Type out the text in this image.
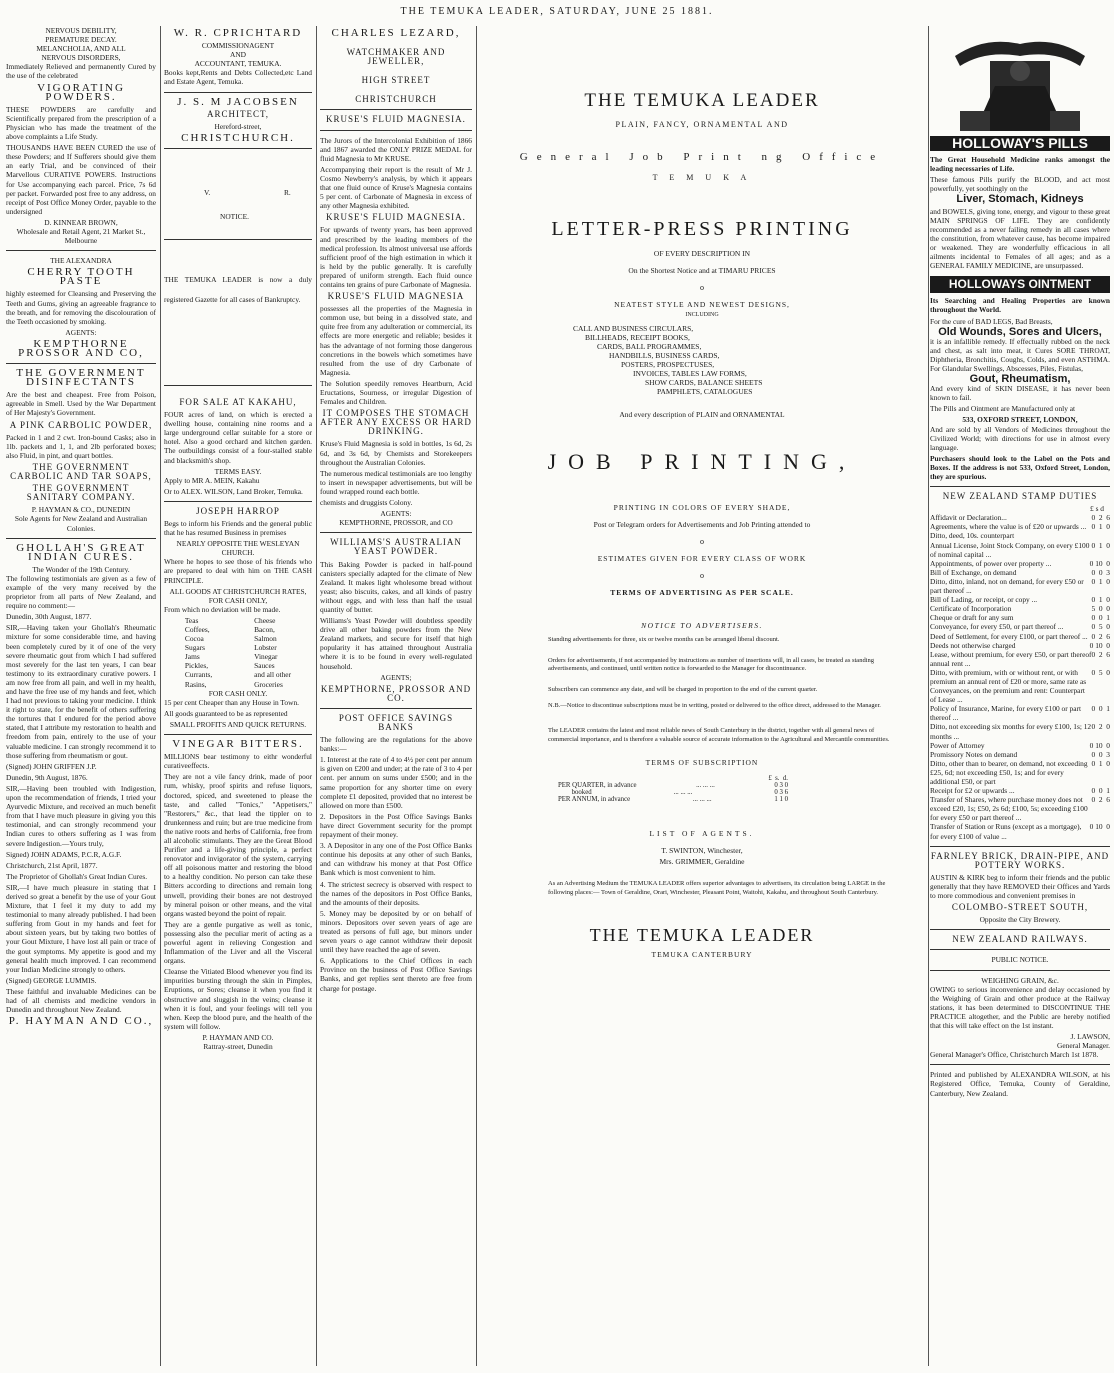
THE TEMUKA LEADER, SATURDAY, JUNE 25 1881.
NERVOUS DEBILITY,
PREMATURE DECAY.
MELANCHOLIA, AND ALL
NERVOUS DISORDERS,

Immediately Relieved and permanently Cured by the use of the celebrated

VIGORATING POWDERS.

THESE POWDERS are carefully and Scientifically prepared from the prescription of a Physician who has made the treatment of the above complaints a Life Study.

THOUSANDS HAVE BEEN CURED the use of these Powders; and If Sufferers should give them an early Trial, and be convinced of their Marvellous CURATIVE POWERS. Instructions for Use accompanying each parcel. Price, 7s 6d per packet. Forwarded post free to any address, on receipt of Post Office Money Order, payable to the undersigned

D. KINNEAR BROWN,
Wholesale and Retail Agent, 21 Market St., Melbourne
THE ALEXANDRA
CHERRY TOOTH PASTE

highly esteemed for Cleansing and Preserving the Teeth and Gums, giving an agreeable fragrance to the breath, and for removing the discolouration of the Teeth occasioned by smoking.

AGENTS:
KEMPTHORNE PROSSOR AND CO,
THE GOVERNMENT DISINFECTANTS

Are the best and cheapest. Free from Poison, agreeable in Smell. Used by the War Department of Her Majesty's Government.

A PINK CARBOLIC POWDER,

Packed in 1 and 2 cwt. Iron-bound Casks; also in 1lb. packets and 1, 1, and 2lb perforated boxes; also Fluid, in pint, and quart bottles.

THE GOVERNMENT CARBOLIC AND TAR SOAPS,
THE GOVERNMENT SANITARY COMPANY.
P. HAYMAN & CO., DUNEDIN
Sole Agents for New Zealand and Australian Colonies.
GHOLLAH'S GREAT INDIAN CURES.
The Wonder of the 19th Century.

The following testimonials are given as a few of example of the very many received by the proprietor from all parts of New Zealand, and require no comment:—

Dunedin, 30th August, 1877.

SIR,—Having taken your Ghollah's Rheumatic mixture for some considerable time, and having been completely cured by it of one of the very severe rheumatic gout from which I had suffered most severely for the last ten years, I can bear testimony to its extraordinary curative powers. I am now free from all pain, and well in my health, and have the free use of my hands and feet, which I had not previous to taking your medicine. I think it right to state, for the benefit of others suffering the tortures that I endured for the period above stated, that I attribute my restoration to health and freedom from pain, entirely to the use of your valuable medicine. I can strongly recommend it to those suffering from rheumatism or gout.

(Signed) JOHN GRIFFEN J.P.

Dunedin, 9th August, 1876.

SIR,—Having been troubled with Indigestion, upon the recommendation of friends, I tried your Ayurvedic Mixture, and received an much benefit from that I have much pleasure in giving you this testimonial, and can strongly recommend your Indian cures to others suffering as I was from severe Indigestion.—Yours truly,

Signed) JOHN ADAMS, P.C.R, A.G.F.

Christchurch, 21st April, 1877.

The Proprietor of Ghollah's Great Indian Cures.

SIR,—I have much pleasure in stating that I derived so great a benefit by the use of your Gout Mixture, that I feel it my duty to add my testimonial to many already published. I had been suffering from Gout in my hands and feet for about sixteen years, but by taking two bottles of your Gout Mixture, I have lost all pain or trace of the gout symptoms. My appetite is good and my general health much improved. I can recommend your Indian Medicine strongly to others.

(Signed) GEORGE LUMMIS.

These faithful and invaluable Medicines can be had of all chemists and medicine vendors in Dunedin and throughout New Zealand.

P. HAYMAN AND CO.,
W. R. CPRICHTARD
COMMISSIONAGENT
AND
ACCOUNTANT, TEMUKA.

Books kept,Rents and Debts Collected,etc Land and Estate Agent, Temuka.

J. S. M JACOBSEN
ARCHITECT,
Hereford-street,
CHRISTCHURCH.
V.	R.
NOTICE.

THE TEMUKA LEADER is now a duly registered Gazette for all cases of Bankruptcy.

FOR SALE AT KAKAHU,

FOUR acres of land, on which is erected a dwelling house, containing nine rooms and a large underground cellar suitable for a store or hotel. Also a good orchard and kitchen garden. The outbuildings consist of a four-stalled stable and blacksmith's shop.

TERMS EASY.

Apply to MR A. MEIN, Kakahu

Or to ALEX. WILSON, Land Broker, Temuka.

JOSEPH HARROP

Begs to inform his Friends and the general public that he has resumed Business in premises

NEARLY OPPOSITE THE WESLEYAN CHURCH.

Where he hopes to see those of his friends who are prepared to deal with him on THE CASH PRINCIPLE.

ALL GOODS AT CHRISTCHURCH RATES, FOR CASH ONLY,

From which no deviation will be made.

Teas
Coffees,
Cocoa
Sugars
Jams
Pickles,
Currants,
Rasins,
Cheese
Bacon,
Salmon
Lobster
Vinegar
Sauces
and all other
Groceries
FOR CASH ONLY.

15 per cent Cheaper than any House in Town.

All goods guaranteed to be as represented

SMALL PROFITS AND QUICK RETURNS.
VINEGAR BITTERS.

MILLIONS bear testimony to eithr wonderful curativeeffects.

They are not a vile fancy drink, made of poor rum, whisky, proof spirits and refuse liquors, doctored, spiced, and sweetened to please the taste, and called "Tonics," "Appetisers," "Restorers," &c., that lead the tippler on to drunkenness and ruin; but are true medicine from the native roots and herbs of California, free from all alcoholic stimulants. They are the Great Blood Purifier and a life-giving principle, a perfect renovator and invigorator of the system, carrying off all poisonous matter and restoring the blood to a healthy condition. No person can take these Bitters according to directions and remain long unwell, providing their bones are not destroyed by mineral poison or other means, and the vital organs wasted beyond the point of repair.

They are a gentle purgative as well as tonic, possessing also the peculiar merit of acting as a powerful agent in relieving Congestion and Inflammation of the Liver and all the Visceral organs.

Cleanse the Vitiated Blood whenever you find its impurities bursting through the skin in Pimples, Eruptions, or Sores; cleanse it when you find it obstructive and sluggish in the veins; cleanse it when it is foul, and your feelings will tell you when. Keep the blood pure, and the health of the system will follow.

P. HAYMAN AND CO.
Rattray-street, Dunedin
CHARLES LEZARD,
WATCHMAKER AND JEWELLER,
HIGH STREET
CHRISTCHURCH
KRUSE'S FLUID MAGNESIA.

The Jurors of the Intercolonial Exhibition of 1866 and 1867 awarded the ONLY PRIZE MEDAL for fluid Magnesia to Mr KRUSE.

Accompanying their report is the result of Mr J. Cosmo Newberry's analysis, by which it appears that one fluid ounce of Kruse's Magnesia contains 5 per cent. of Carbonate of Magnesia in excess of any other Magnesia exhibited.

KRUSE'S FLUID MAGNESIA.

For upwards of twenty years, has been approved and prescribed by the leading members of the medical profession. Its almost universal use affords sufficient proof of the high estimation in which it is held by the public generally. It is carefully prepared of uniform strength. Each fluid ounce contains ten grains of pure Carbonate of Magnesia.

KRUSE'S FLUID MAGNESIA

possesses all the properties of the Magnesia in common use, but being in a dissolved state, and quite free from any adulteration or commercial, its effects are more energetic and reliable; besides it has the advantage of not forming those dangerous concretions in the bowels which sometimes have resulted from the use of dry Carbonate of Magnesia.

The Solution speedily removes Heartburn, Acid Eructations, Sourness, or irregular Digestion of Females and Children.

IT COMPOSES THE STOMACH AFTER ANY EXCESS OR HARD DRINKING.

Kruse's Fluid Magnesia is sold in bottles, 1s 6d, 2s 6d, and 3s 6d, by Chemists and Storekeepers throughout the Australian Colonies.

The numerous medical testimonials are too lengthy to insert in newspaper advertisements, but will be found wrapped round each bottle.

chemists and druggists Colony.

AGENTS:
KEMPTHORNE, PROSSOR, and CO
WILLIAMS'S AUSTRALIAN YEAST POWDER.

This Baking Powder is packed in half-pound canisters specially adapted for the climate of New Zealand. It makes light wholesome bread without yeast; also biscuits, cakes, and all kinds of pastry without eggs, and with less than half the usual quantity of butter.

Williams's Yeast Powder will doubtless speedily drive all other baking powders from the New Zealand markets, and secure for itself that high popularity it has attained throughout Australia where it is to be found in every well-regulated household.

AGENTS;
KEMPTHORNE, PROSSOR AND CO.
POST OFFICE SAVINGS BANKS

The following are the regulations for the above banks:—

1. Interest at the rate of 4 to 4½ per cent per annum is given on £200 and under; at the rate of 3 to 4 per cent. per annum on sums under £500; and in the same proportion for any shorter time on every complete £1 deposited, provided that no interest be allowed on more than £500.

2. Depositors in the Post Office Savings Banks have direct Government security for the prompt repayment of their money.

3. A Depositor in any one of the Post Office Banks continue his deposits at any other of such Banks, and can withdraw his money at that Post Office Bank which is most convenient to him.

4. The strictest secrecy is observed with respect to the names of the depositors in Post Office Banks, and the amounts of their deposits.

5. Money may be deposited by or on behalf of minors. Depositors over seven years of age are treated as persons of full age, but minors under seven years o age cannot withdraw their deposit until they have reached the age of seven.

6. Applications to the Chief Offices in each Province on the business of Post Office Savings Banks, and get replies sent thereto are free from charge for postage.

THE TEMUKA LEADER
PLAIN, FANCY, ORNAMENTAL AND
General Job Print ng Office
T E M U K A
LETTER-PRESS PRINTING
OF EVERY DESCRIPTION IN
On the Shortest Notice and at TIMARU PRICES
o
NEATEST STYLE AND NEWEST DESIGNS,
INCLUDING
CALL AND BUSINESS CIRCULARS,
BILLHEADS, RECEIPT BOOKS,
CARDS, BALL PROGRAMMES,
HANDBILLS, BUSINESS CARDS,
POSTERS, PROSPECTUSES,
INVOICES, TABLES LAW FORMS,
SHOW CARDS, BALANCE SHEETS
PAMPHLETS, CATALOGUES
And every description of PLAIN and ORNAMENTAL
JOB PRINTING,
PRINTING IN COLORS OF EVERY SHADE,
Post or Telegram orders for Advertisements and Job Printing attended to
o
ESTIMATES GIVEN FOR EVERY CLASS OF WORK
o
TERMS OF ADVERTISING AS PER SCALE.
NOTICE TO ADVERTISERS.

Standing advertisements for three, six or twelve months can be arranged liberal discount.

Orders for advertisements, if not accompanied by instructions as number of insertions will, in all cases, be treated as standing advertisements, and continued, until written notice is forwarded to the Manager for discontinuance.

Subscribers can commence any date, and will be charged in proportion to the end of the current quarter.

N.B.—Notice to discontinue subscriptions must be in writing, posted or delivered to the office direct, addressed to the Manager.

The LEADER contains the latest and most reliable news of South Canterbury in the district, together with all general news of commercial importance, and is therefore a valuable source of accurate information to the Agricultural and Mercantile communities.

TERMS OF SUBSCRIPTION
£ s. d.
PER QUARTER, in advance	... ... ...	0 3 0
booked	... ... ...	0 3 6
PER ANNUM, in advance	... ... ...	1 1 0
LIST OF AGENTS.
T. SWINTON, Winchester,
Mrs. GRIMMER, Geraldine
As an Advertising Medium the TEMUKA LEADER offers superior advantages to advertisers, its circulation being LARGE in the following places:— Town of Geraldine, Orari, Winchester, Pleasant Point, Waitohi, Kakahu, and throughout South Canterbury.
THE TEMUKA LEADER
TEMUKA CANTERBURY
FRIEND OF ALL
HOLLOWAY'S PILLS

The Great Household Medicine ranks amongst the leading necessaries of Life.

These famous Pills purify the BLOOD, and act most powerfully, yet soothingly on the

Liver, Stomach, Kidneys

and BOWELS, giving tone, energy, and vigour to these great MAIN SPRINGS OF LIFE. They are confidently recommended as a never failing remedy in all cases where the constitution, from whatever cause, has become impaired or weakened. They are wonderfully efficacious in all ailments incidental to Females of all ages; and as a GENERAL FAMILY MEDICINE, are unsurpassed.

HOLLOWAYS OINTMENT

Its Searching and Healing Properties are known throughout the World.

For the cure of BAD LEGS, Bad Breasts,

Old Wounds, Sores and Ulcers,

it is an infallible remedy. If effectually rubbed on the neck and chest, as salt into meat, it Cures SORE THROAT, Diphtheria, Bronchitis, Coughs, Colds, and even ASTHMA. For Glandular Swellings, Abscesses, Piles, Fistulas,

Gout, Rheumatism,

And every kind of SKIN DISEASE, it has never been known to fail.

The Pills and Ointment are Manufactured only at

533, OXFORD STREET, LONDON,

And are sold by all Vendors of Medicines throughout the Civilized World; with directions for use in almost every language.

Purchasers should look to the Label on the Pots and Boxes. If the address is not 533, Oxford Street, London, they are spurious.

NEW ZEALAND STAMP DUTIES
£ s d
Affidavit or Declaration...	0  2  6
Agreements, where the value is of £20 or upwards ... 0  1  0
Ditto, deed, 10s. counterpart
Annual License, Joint Stock Company, on every £100 of nominal capital ...
0  1  0
Appointments, of power over property ...	0 10  0
Bill of Exchange, on demand	0  0  3
Ditto, ditto, inland, not on demand, for every £50 or part thereof ...
0  1  0
Bill of Lading, or receipt, or copy ...	0  1  0
Certificate of Incorporation	5  0  0
Cheque or draft for any sum	0  0  1
Conveyance, for every £50, or part thereof ...	0  5  0
Deed of Settlement, for every £100, or part thereof ... 0  2  6
Deeds not otherwise charged	0 10  0
Lease, without premium, for every £50, or part thereof annual rent ...
0  2  6
Ditto, with premium, with or without rent, or with premium an annual rent of £20 or more, same rate as Conveyances, on the premium and rent: Counterpart of Lease ...
0  5  0
Policy of Insurance, Marine, for every £100 or part thereof ...
0  0  1
Ditto, not exceeding six months for every £100, 1s; 12 months ...
0  2  0
Power of Attorney	0 10  0
Promissory Notes on demand	0  0  3
Ditto, other than to bearer, on demand, not exceeding £25, 6d; not exceeding £50, 1s; and for every additional £50, or part
0  1  0
Receipt for £2 or upwards ...	0  0  1
Transfer of Shares, where purchase money does not exceed £20, 1s; £50, 2s 6d; £100, 5s; exceeding £100 for every £50 or part thereof ...
0  2  6
Transfer of Station or Runs (except as a mortgage), for every £100 of value ...
0 10  0
FARNLEY BRICK, DRAIN-PIPE, AND POTTERY WORKS.

AUSTIN & KIRK beg to inform their friends and the public generally that they have REMOVED their Offices and Yards to more commodious and convenient premises in

COLOMBO-STREET SOUTH,
Opposite the City Brewery.
NEW ZEALAND RAILWAYS.
PUBLIC NOTICE.
WEIGHING GRAIN, &c.

OWING to serious inconvenience and delay occasioned by the Weighing of Grain and other produce at the Railway stations, it has been determined to DISCONTINUE THE PRACTICE altogether, and the Public are hereby notified that this will take effect on the 1st instant.

J. LAWSON,
General Manager.

General Manager's Office, Christchurch March 1st 1878.

Printed and published by ALEXANDRA WILSON, at his Registered Office, Temuka, County of Geraldine, Canterbury, New Zealand.
